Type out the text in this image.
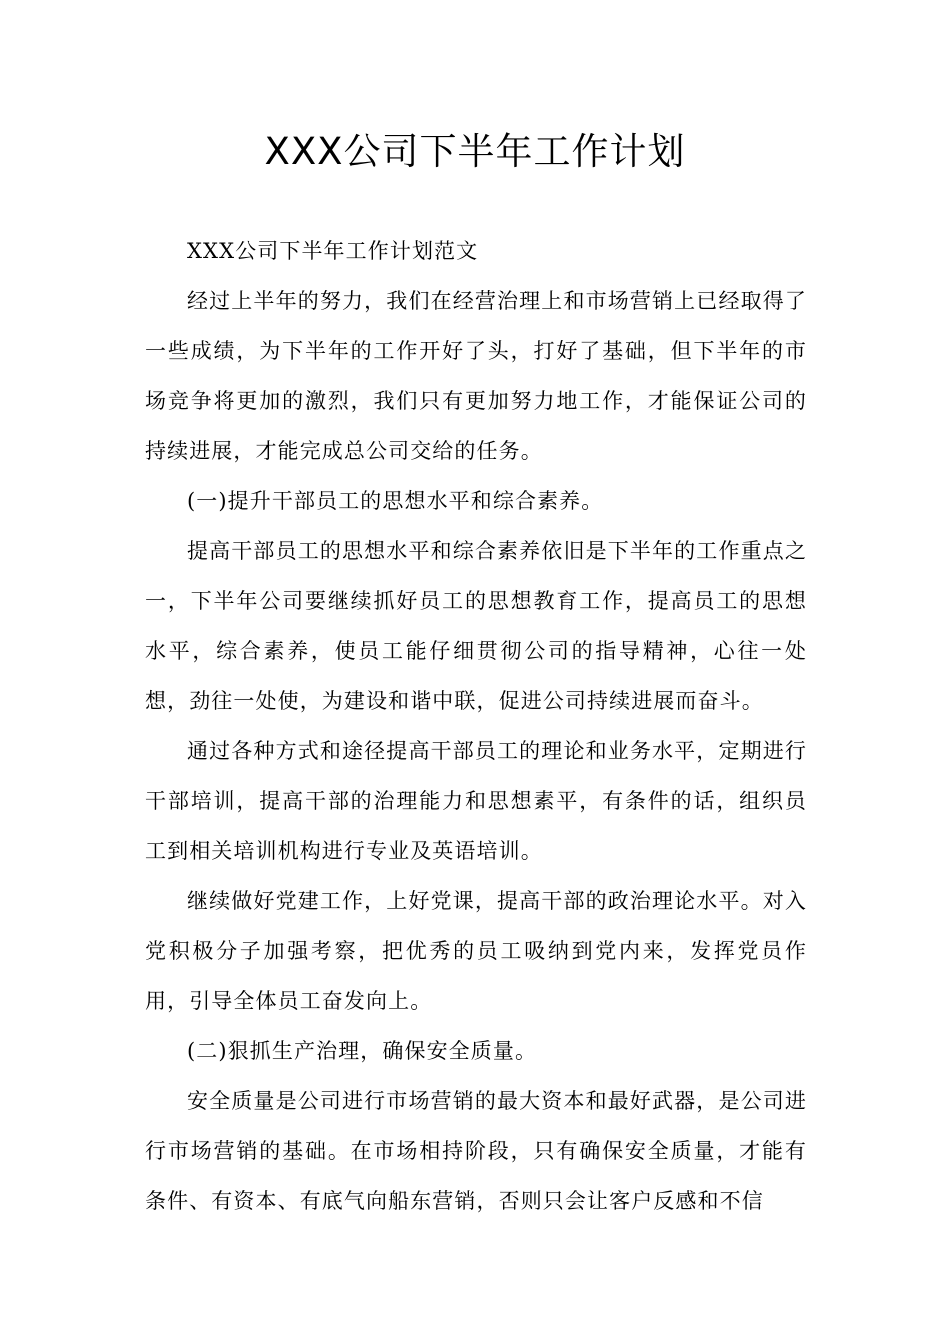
XXX公司下半年工作计划

XXX公司下半年工作计划范文

经过上半年的努力，我们在经营治理上和市场营销上已经取得了一些成绩，为下半年的工作开好了头，打好了基础，但下半年的市场竞争将更加的激烈，我们只有更加努力地工作，才能保证公司的持续进展，才能完成总公司交给的任务。

(一)提升干部员工的思想水平和综合素养。

提高干部员工的思想水平和综合素养依旧是下半年的工作重点之一，下半年公司要继续抓好员工的思想教育工作，提高员工的思想水平，综合素养，使员工能仔细贯彻公司的指导精神，心往一处想，劲往一处使，为建设和谐中联，促进公司持续进展而奋斗。

通过各种方式和途径提高干部员工的理论和业务水平，定期进行干部培训，提高干部的治理能力和思想素平，有条件的话，组织员工到相关培训机构进行专业及英语培训。

继续做好党建工作，上好党课，提高干部的政治理论水平。对入党积极分子加强考察，把优秀的员工吸纳到党内来，发挥党员作用，引导全体员工奋发向上。

(二)狠抓生产治理，确保安全质量。

安全质量是公司进行市场营销的最大资本和最好武器，是公司进行市场营销的基础。在市场相持阶段，只有确保安全质量，才能有条件、有资本、有底气向船东营销，否则只会让客户反感和不信
